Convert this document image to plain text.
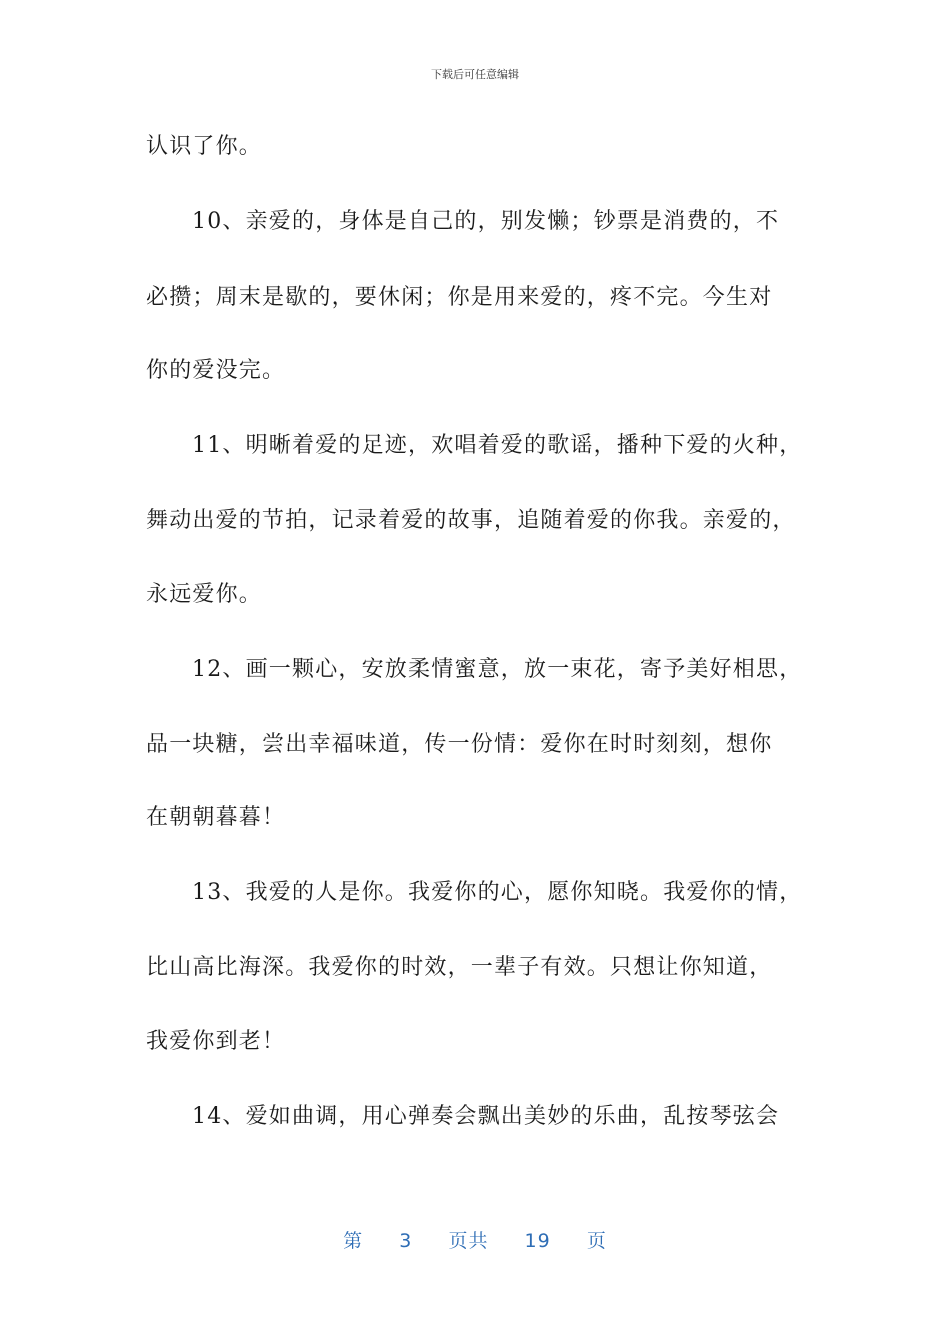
下载后可任意编辑
认识了你。
10、亲爱的，身体是自己的，别发懒；钞票是消费的，不
必攒；周末是歇的，要休闲；你是用来爱的，疼不完。今生对
你的爱没完。
11、明晰着爱的足迹，欢唱着爱的歌谣，播种下爱的火种，
舞动出爱的节拍，记录着爱的故事，追随着爱的你我。亲爱的，
永远爱你。
12、画一颗心，安放柔情蜜意，放一束花，寄予美好相思，
品一块糖，尝出幸福味道，传一份情：爱你在时时刻刻，想你
在朝朝暮暮！
13、我爱的人是你。我爱你的心，愿你知晓。我爱你的情，
比山高比海深。我爱你的时效，一辈子有效。只想让你知道，
我爱你到老！
14、爱如曲调，用心弹奏会飘出美妙的乐曲，乱按琴弦会
第 3 页共 19 页
